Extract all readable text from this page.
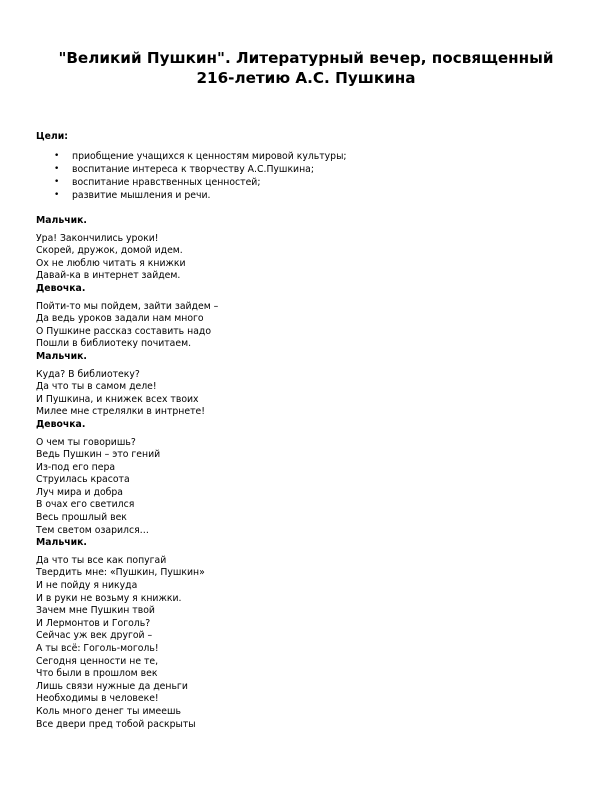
"Великий Пушкин". Литературный вечер, посвященный
216-летию А.С. Пушкина

Цели:

• приобщение учащихся к ценностям мировой культуры;
• воспитание интереса к творчеству А.С.Пушкина;
• воспитание нравственных ценностей;
• развитие мышления и речи.

Мальчик.

Ура! Закончились уроки!
Скорей, дружок, домой идем.
Ох не люблю читать я книжки
Давай-ка в интернет зайдем.

Девочка.

Пойти-то мы пойдем, зайти зайдем –
Да ведь уроков задали нам много
О Пушкине рассказ составить надо
Пошли в библиотеку почитаем.

Мальчик.

Куда? В библиотеку?
Да что ты в самом деле!
И Пушкина, и книжек всех твоих
Милее мне стрелялки в интрнете!

Девочка.

О чем ты говоришь?
Ведь Пушкин – это гений
Из-под его пера
Струилась красота
Луч мира и добра
В очах его светился
Весь прошлый век
Тем светом озарился…

Мальчик.

Да что ты все как попугай
Твердить мне: «Пушкин, Пушкин»
И не пойду я никуда
И в руки не возьму я книжки.
Зачем мне Пушкин твой
И Лермонтов и Гоголь?
Сейчас уж век другой –
А ты всё: Гоголь-моголь!
Сегодня ценности не те,
Что были в прошлом век
Лишь связи нужные да деньги
Необходимы в человеке!
Коль много денег ты имеешь
Все двери пред тобой раскрыты
